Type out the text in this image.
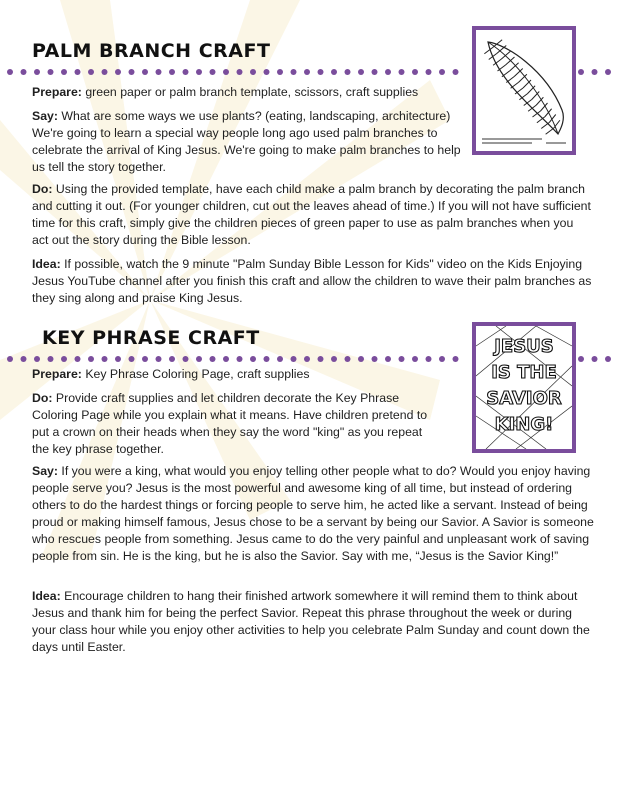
PALM BRANCH CRAFT

Prepare: green paper or palm branch template, scissors, craft supplies

Say: What are some ways we use plants? (eating, landscaping, architecture) We're going to learn a special way people long ago used palm branches to celebrate the arrival of King Jesus. We're going to make palm branches to help us tell the story together.

Do: Using the provided template, have each child make a palm branch by decorating the palm branch and cutting it out. (For younger children, cut out the leaves ahead of time.) If you will not have sufficient time for this craft, simply give the children pieces of green paper to use as palm branches when you act out the story during the Bible lesson.

Idea: If possible, watch the 9 minute "Palm Sunday Bible Lesson for Kids" video on the Kids Enjoying Jesus YouTube channel after you finish this craft and allow the children to wave their palm branches as they sing along and praise King Jesus.

KEY PHRASE CRAFT	JESUS
IS THE
SAVIOR
KING!

Prepare: Key Phrase Coloring Page, craft supplies

Do: Provide craft supplies and let children decorate the Key Phrase Coloring Page while you explain what it means. Have children pretend to put a crown on their heads when they say the word "king" as you repeat the key phrase together.

Say: If you were a king, what would you enjoy telling other people what to do? Would you enjoy having people serve you? Jesus is the most powerful and awesome king of all time, but instead of ordering others to do the hardest things or forcing people to serve him, he acted like a servant. Instead of being proud or making himself famous, Jesus chose to be a servant by being our Savior. A Savior is someone who rescues people from something. Jesus came to do the very painful and unpleasant work of saving people from sin. He is the king, but he is also the Savior. Say with me, “Jesus is the Savior King!”

Idea: Encourage children to hang their finished artwork somewhere it will remind them to think about Jesus and thank him for being the perfect Savior. Repeat this phrase throughout the week or during your class hour while you enjoy other activities to help you celebrate Palm Sunday and count down the days until Easter.
